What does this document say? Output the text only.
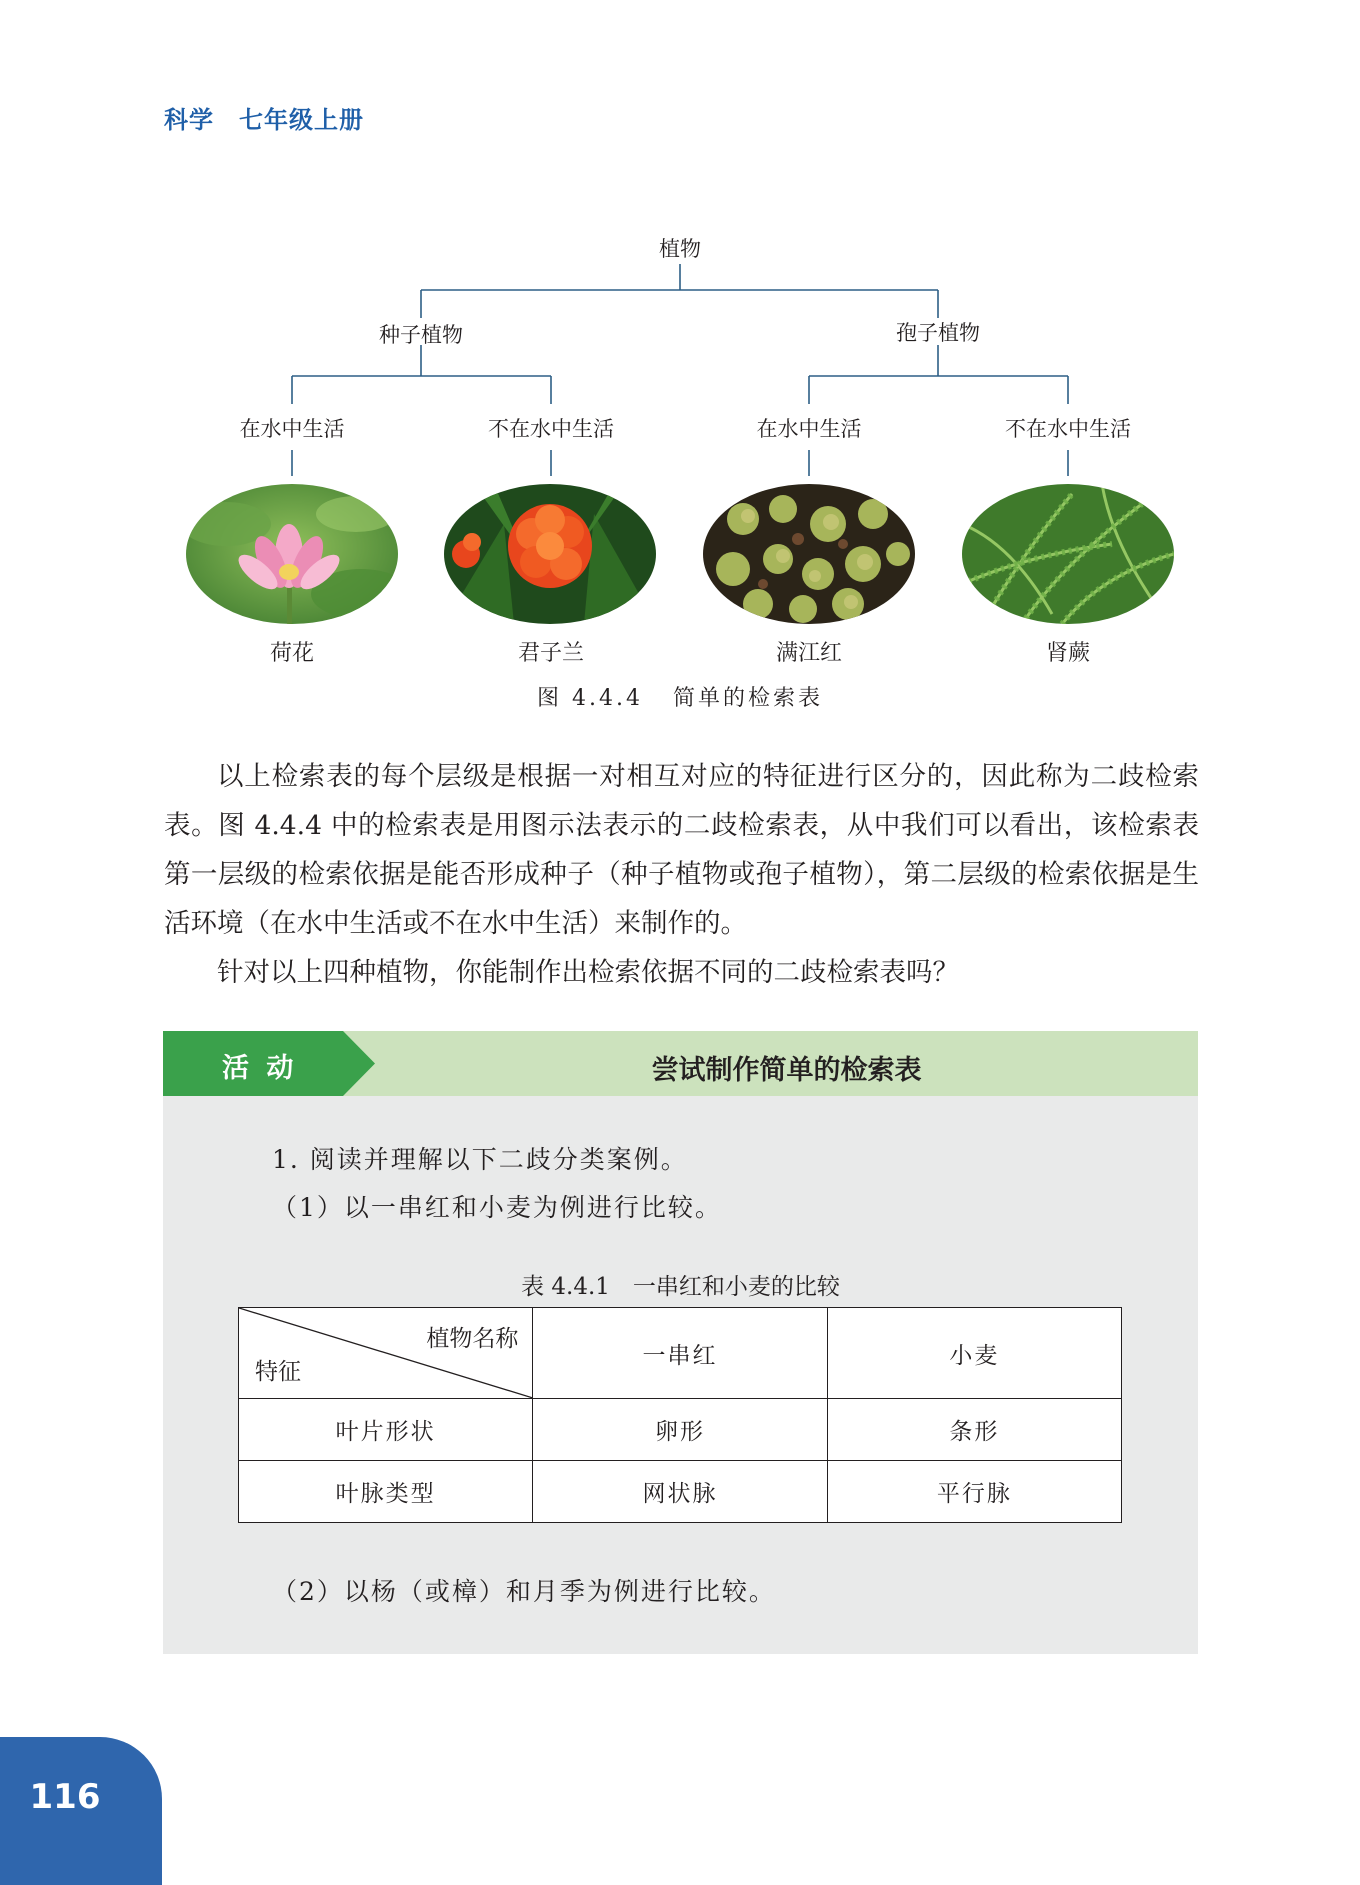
科学　七年级上册
植物
种子植物	孢子植物
在水中生活	不在水中生活	在水中生活	不在水中生活
荷花	君子兰	满江红	肾蕨
图 4.4.4 简单的检索表

以上检索表的每个层级是根据一对相互对应的特征进行区分的，因此称为二歧检索表。图 4.4.4 中的检索表是用图示法表示的二歧检索表，从中我们可以看出，该检索表第一层级的检索依据是能否形成种子（种子植物或孢子植物），第二层级的检索依据是生活环境（在水中生活或不在水中生活）来制作的。

针对以上四种植物，你能制作出检索依据不同的二歧检索表吗？

活 动	尝试制作简单的检索表
1. 阅读并理解以下二歧分类案例。
（1）以一串红和小麦为例进行比较。
表 4.4.1　一串红和小麦的比较
植物名称
特征	一串红	小麦
叶片形状	卵形	条形
叶脉类型	网状脉	平行脉
（2）以杨（或樟）和月季为例进行比较。
116
